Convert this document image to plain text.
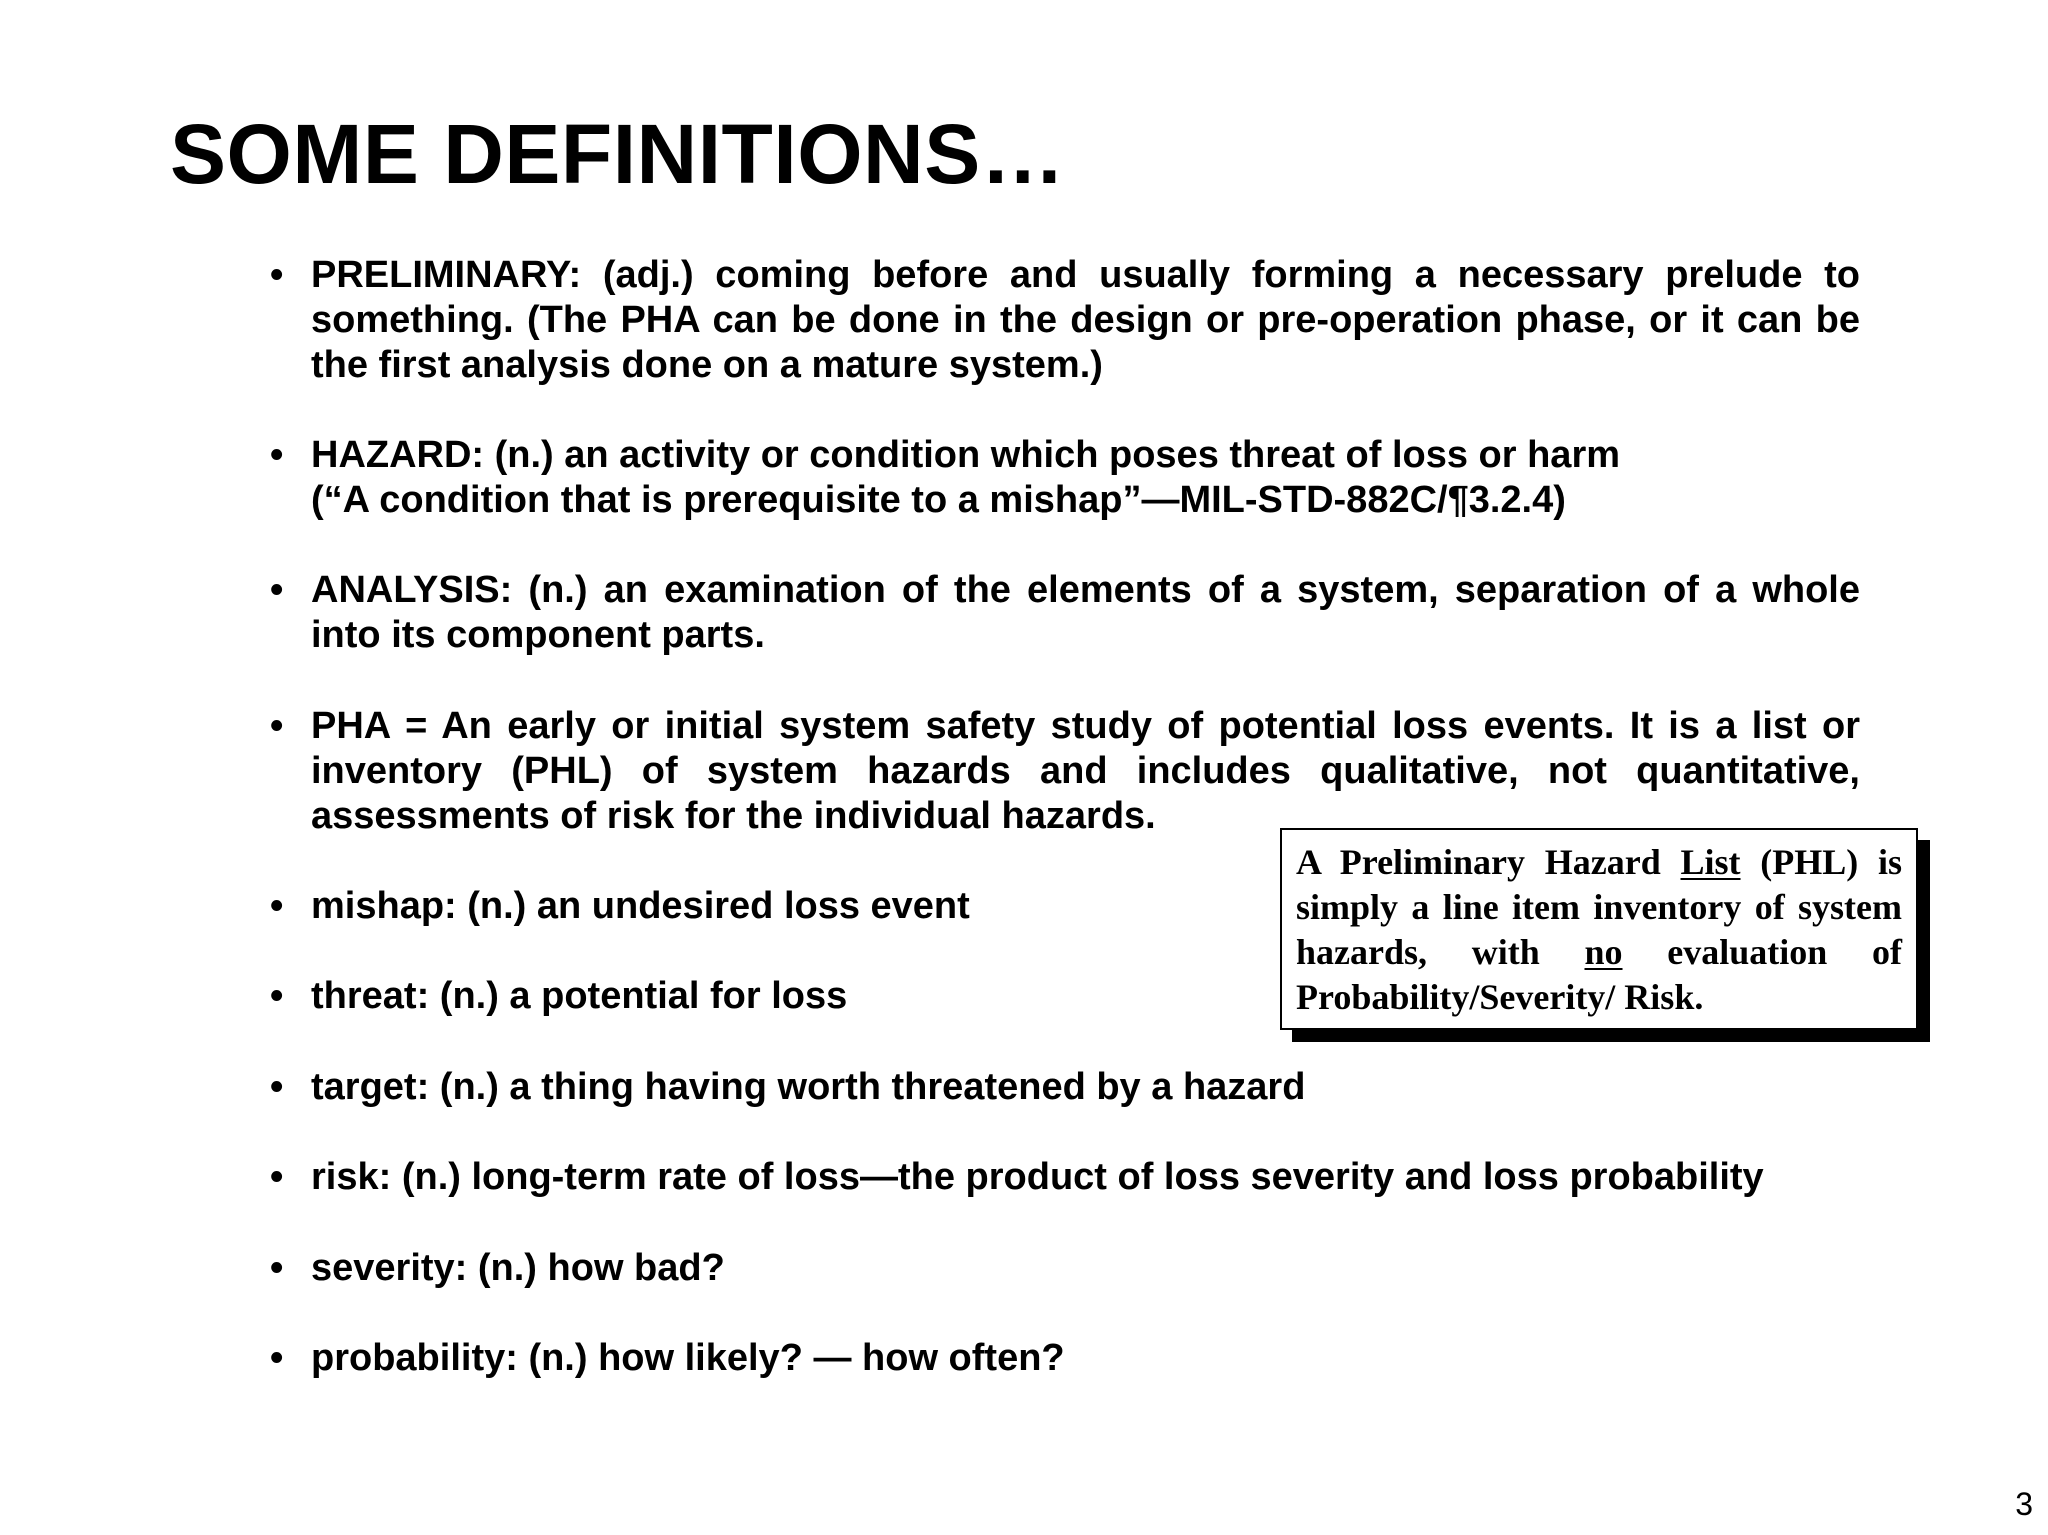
SOME DEFINITIONS…
• PRELIMINARY: (adj.) coming before and usually forming a necessary prelude to something. (The PHA can be done in the design or pre-operation phase, or it can be the first analysis done on a mature system.)
• HAZARD: (n.) an activity or condition which poses threat of loss or harm
(“A condition that is prerequisite to a mishap”—MIL-STD-882C/¶3.2.4)
• ANALYSIS: (n.) an examination of the elements of a system, separation of a whole into its component parts.
• PHA = An early or initial system safety study of potential loss events. It is a list or inventory (PHL) of system hazards and includes qualitative, not quantitative, assessments of risk for the individual hazards.
• mishap: (n.) an undesired loss event
• threat: (n.) a potential for loss
• target: (n.) a thing having worth threatened by a hazard
• risk: (n.) long-term rate of loss—the product of loss severity and loss probability
• severity: (n.) how bad?
• probability: (n.) how likely? — how often?
A Preliminary Hazard List (PHL) is simply a line item inventory of system hazards, with no evaluation of Probability/Severity/ Risk.
3
